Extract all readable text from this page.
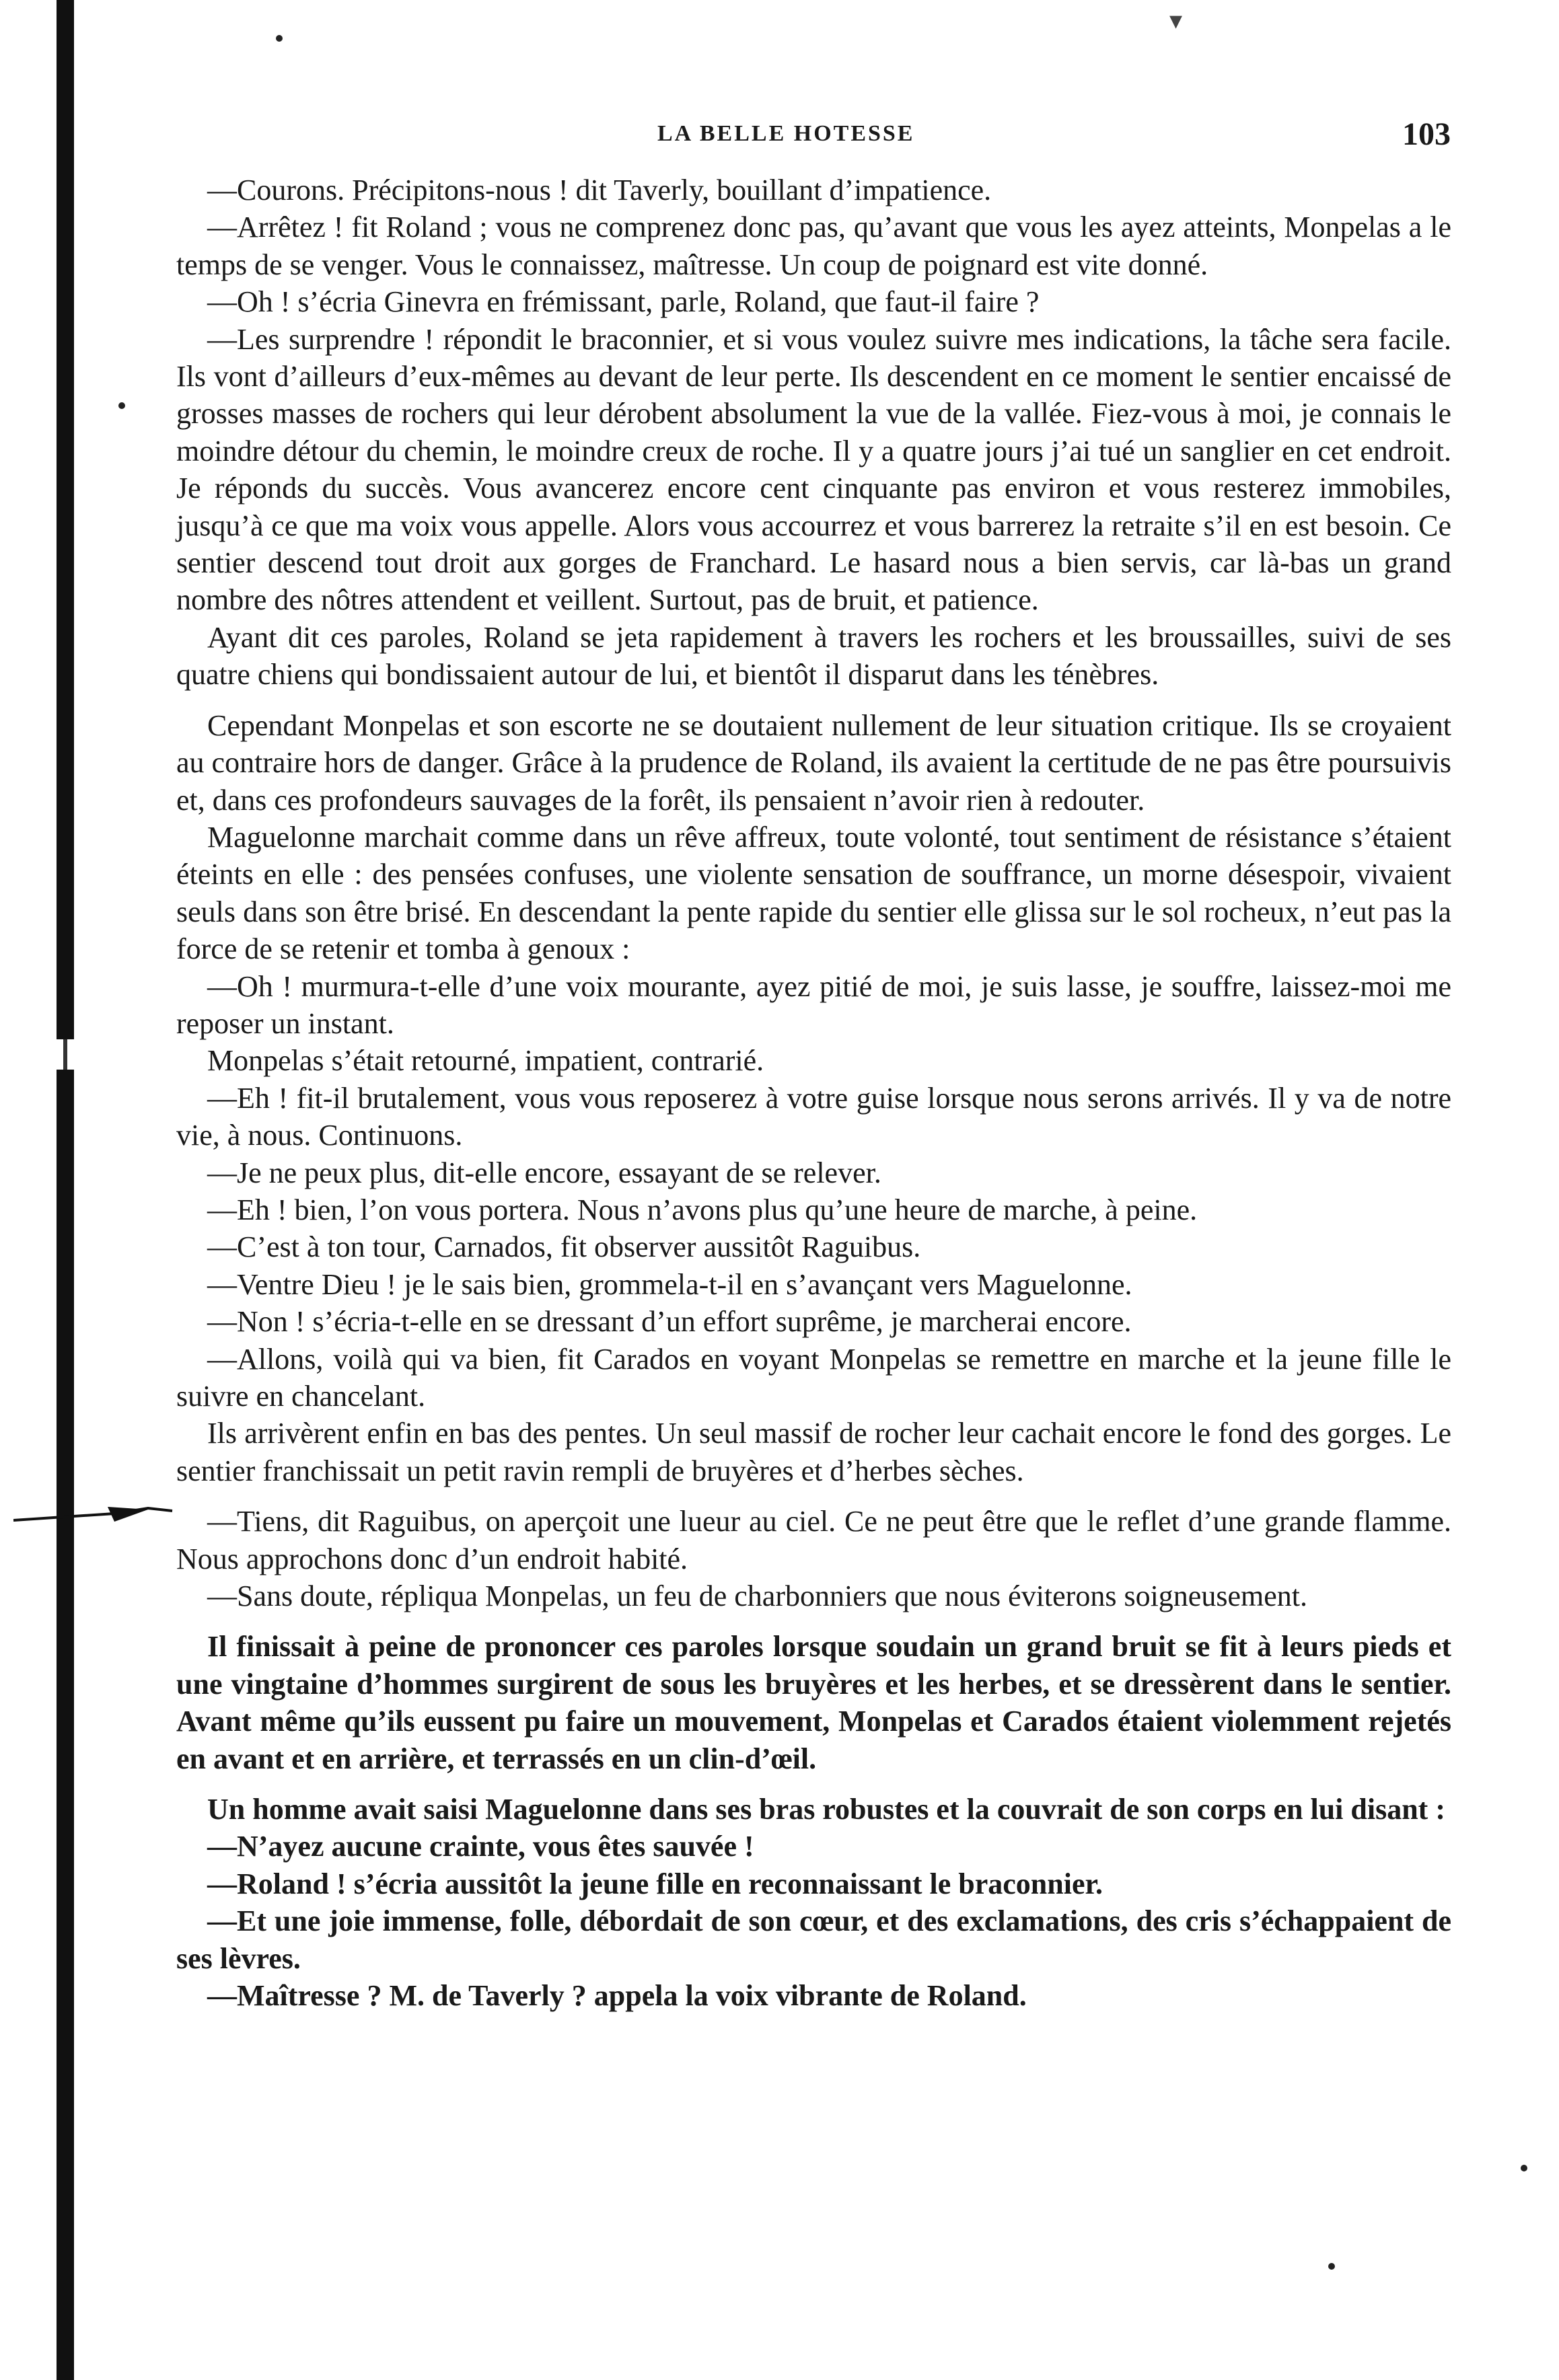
▾
LA BELLE HOTESSE	103

—Courons. Précipitons-nous ! dit Taverly, bouillant d’impatience.

—Arrêtez ! fit Roland ; vous ne comprenez donc pas, qu’avant que vous les ayez atteints, Monpelas a le temps de se venger. Vous le connaissez, maîtresse. Un coup de poignard est vite donné.

—Oh ! s’écria Ginevra en frémissant, parle, Roland, que faut-il faire ?

—Les surprendre ! répondit le braconnier, et si vous voulez suivre mes indications, la tâche sera facile. Ils vont d’ailleurs d’eux-mêmes au devant de leur perte. Ils descendent en ce moment le sentier encaissé de grosses masses de rochers qui leur dérobent absolument la vue de la vallée. Fiez-vous à moi, je connais le moindre détour du chemin, le moindre creux de roche. Il y a quatre jours j’ai tué un sanglier en cet endroit. Je réponds du succès. Vous avancerez encore cent cinquante pas environ et vous resterez immobiles, jusqu’à ce que ma voix vous appelle. Alors vous accourrez et vous barrerez la retraite s’il en est besoin. Ce sentier descend tout droit aux gorges de Franchard. Le hasard nous a bien servis, car là-bas un grand nombre des nôtres attendent et veillent. Surtout, pas de bruit, et patience.

Ayant dit ces paroles, Roland se jeta rapidement à travers les rochers et les broussailles, suivi de ses quatre chiens qui bondissaient autour de lui, et bientôt il disparut dans les ténèbres.

Cependant Monpelas et son escorte ne se doutaient nullement de leur situation critique. Ils se croyaient au contraire hors de danger. Grâce à la prudence de Roland, ils avaient la certitude de ne pas être poursuivis et, dans ces profondeurs sauvages de la forêt, ils pensaient n’avoir rien à redouter.

Maguelonne marchait comme dans un rêve affreux, toute volonté, tout sentiment de résistance s’étaient éteints en elle : des pensées confuses, une violente sensation de souffrance, un morne désespoir, vivaient seuls dans son être brisé. En descendant la pente rapide du sentier elle glissa sur le sol rocheux, n’eut pas la force de se retenir et tomba à genoux :

—Oh ! murmura-t-elle d’une voix mourante, ayez pitié de moi, je suis lasse, je souffre, laissez-moi me reposer un instant.

Monpelas s’était retourné, impatient, contrarié.

—Eh ! fit-il brutalement, vous vous reposerez à votre guise lorsque nous serons arrivés. Il y va de notre vie, à nous. Continuons.

—Je ne peux plus, dit-elle encore, essayant de se relever.

—Eh ! bien, l’on vous portera. Nous n’avons plus qu’une heure de marche, à peine.

—C’est à ton tour, Carnados, fit observer aussitôt Raguibus.

—Ventre Dieu ! je le sais bien, grommela-t-il en s’avançant vers Maguelonne.

—Non ! s’écria-t-elle en se dressant d’un effort suprême, je marcherai encore.

—Allons, voilà qui va bien, fit Carados en voyant Monpelas se remettre en marche et la jeune fille le suivre en chancelant.

Ils arrivèrent enfin en bas des pentes. Un seul massif de rocher leur cachait encore le fond des gorges. Le sentier franchissait un petit ravin rempli de bruyères et d’herbes sèches.

—Tiens, dit Raguibus, on aperçoit une lueur au ciel. Ce ne peut être que le reflet d’une grande flamme. Nous approchons donc d’un endroit habité.

—Sans doute, répliqua Monpelas, un feu de charbonniers que nous éviterons soigneusement.

Il finissait à peine de prononcer ces paroles lorsque soudain un grand bruit se fit à leurs pieds et une vingtaine d’hommes surgirent de sous les bruyères et les herbes, et se dressèrent dans le sentier. Avant même qu’ils eussent pu faire un mouvement, Monpelas et Carados étaient violemment rejetés en avant et en arrière, et terrassés en un clin-d’œil.

Un homme avait saisi Maguelonne dans ses bras robustes et la couvrait de son corps en lui disant :

—N’ayez aucune crainte, vous êtes sauvée !

—Roland ! s’écria aussitôt la jeune fille en reconnaissant le braconnier.

—Et une joie immense, folle, débordait de son cœur, et des exclamations, des cris s’échappaient de ses lèvres.

—Maîtresse ? M. de Taverly ? appela la voix vibrante de Roland.
